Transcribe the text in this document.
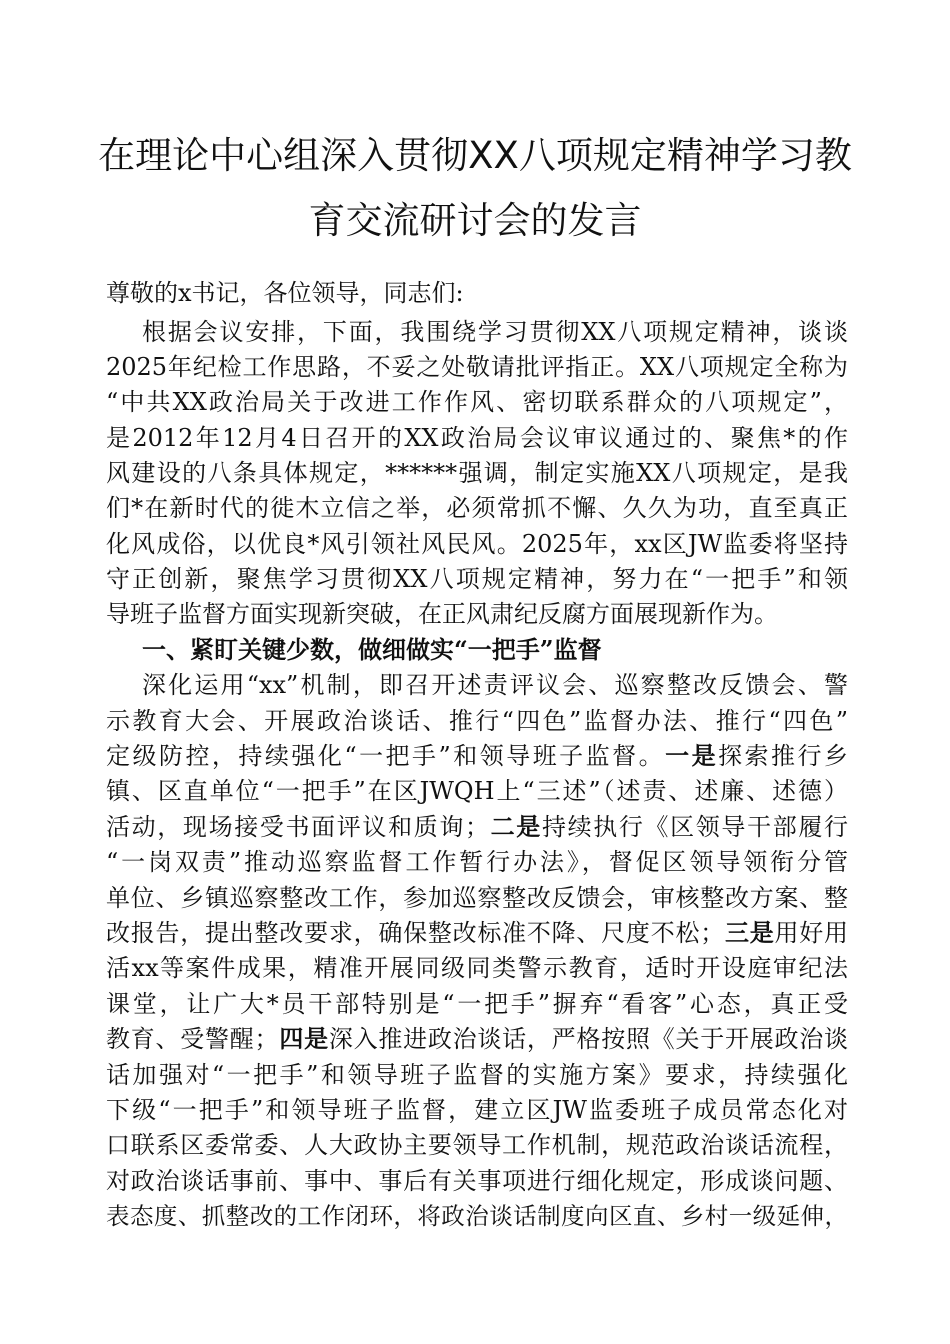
在理论中心组深入贯彻XX八项规定精神学习教
育交流研讨会的发言
尊敬的x书记，各位领导，同志们:
根据会议安排，下面，我围绕学习贯彻XX八项规定精神，谈谈
2025年纪检工作思路，不妥之处敬请批评指正。XX八项规定全称为
“中共XX政治局关于改进工作作风、密切联系群众的八项规定”，
是2012年12月4日召开的XX政治局会议审议通过的、聚焦*的作
风建设的八条具体规定，******强调，制定实施XX八项规定，是我
们*在新时代的徙木立信之举，必须常抓不懈、久久为功，直至真正
化风成俗，以优良*风引领社风民风。2025年，xx区JW监委将坚持
守正创新，聚焦学习贯彻XX八项规定精神，努力在“一把手”和领
导班子监督方面实现新突破，在正风肃纪反腐方面展现新作为。
一、紧盯关键少数，做细做实“一把手”监督
深化运用“xx”机制，即召开述责评议会、巡察整改反馈会、警
示教育大会、开展政治谈话、推行“四色”监督办法、推行“四色”
定级防控，持续强化“一把手”和领导班子监督。一是探索推行乡
镇、区直单位“一把手”在区JWQH上“三述”（述责、述廉、述德）
活动，现场接受书面评议和质询；二是持续执行《区领导干部履行
“一岗双责”推动巡察监督工作暂行办法》，督促区领导领衔分管
单位、乡镇巡察整改工作，参加巡察整改反馈会，审核整改方案、整
改报告，提出整改要求，确保整改标准不降、尺度不松；三是用好用
活xx等案件成果，精准开展同级同类警示教育，适时开设庭审纪法
课堂，让广大*员干部特别是“一把手”摒弃“看客”心态，真正受
教育、受警醒；四是深入推进政治谈话，严格按照《关于开展政治谈
话加强对“一把手”和领导班子监督的实施方案》要求，持续强化
下级“一把手”和领导班子监督，建立区JW监委班子成员常态化对
口联系区委常委、人大政协主要领导工作机制，规范政治谈话流程，
对政治谈话事前、事中、事后有关事项进行细化规定，形成谈问题、
表态度、抓整改的工作闭环，将政治谈话制度向区直、乡村一级延伸，
